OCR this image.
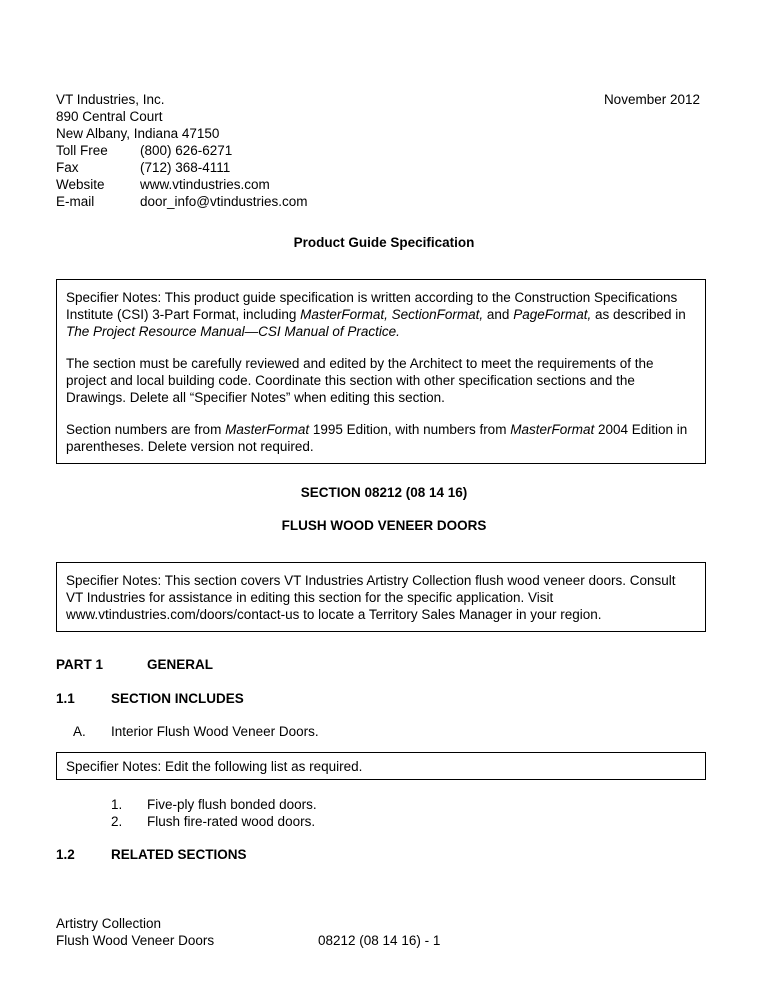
VT Industries, Inc.
890 Central Court
New Albany, Indiana 47150
Toll Free (800) 626-6271
Fax	(712) 368-4111
Website	www.vtindustries.com
E-mail	door_info@vtindustries.com
November 2012
Product Guide Specification

Specifier Notes: This product guide specification is written according to the Construction Specifications Institute (CSI) 3-Part Format, including MasterFormat, SectionFormat, and PageFormat, as described in The Project Resource Manual—CSI Manual of Practice.

The section must be carefully reviewed and edited by the Architect to meet the requirements of the project and local building code. Coordinate this section with other specification sections and the Drawings. Delete all “Specifier Notes” when editing this section.

Section numbers are from MasterFormat 1995 Edition, with numbers from MasterFormat 2004 Edition in parentheses. Delete version not required.

SECTION 08212 (08 14 16)
FLUSH WOOD VENEER DOORS

Specifier Notes: This section covers VT Industries Artistry Collection flush wood veneer doors. Consult VT Industries for assistance in editing this section for the specific application. Visit www.vtindustries.com/doors/contact-us to locate a Territory Sales Manager in your region.

PART 1	GENERAL
1.1	SECTION INCLUDES
A. Interior Flush Wood Veneer Doors.

Specifier Notes: Edit the following list as required.

1. Five-ply flush bonded doors.
2. Flush fire-rated wood doors.
1.2	RELATED SECTIONS
Artistry Collection
Flush Wood Veneer Doors	08212 (08 14 16) - 1
